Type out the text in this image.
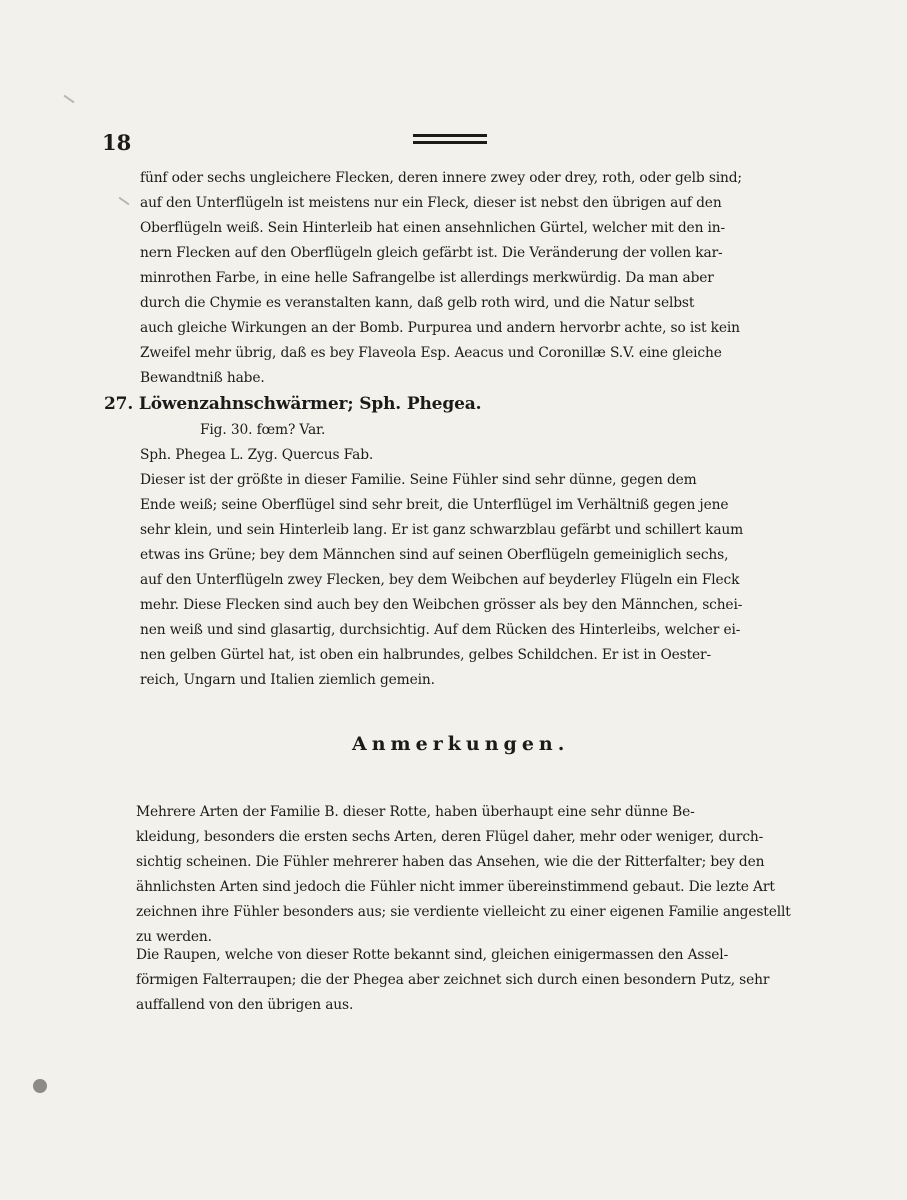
18
fünf oder sechs ungleichere Flecken, deren innere zwey oder drey, roth, oder gelb sind;
auf den Unterflügeln ist meistens nur ein Fleck, dieser ist nebst den übrigen auf den
Oberflügeln weiß. Sein Hinterleib hat einen ansehnlichen Gürtel, welcher mit den in-
nern Flecken auf den Oberflügeln gleich gefärbt ist. Die Veränderung der vollen kar-
minrothen Farbe, in eine helle Safrangelbe ist allerdings merkwürdig. Da man aber
durch die Chymie es veranstalten kann, daß gelb roth wird, und die Natur selbst
auch gleiche Wirkungen an der Bomb. Purpurea und andern hervorbr achte, so ist kein
Zweifel mehr übrig, daß es bey Flaveola Esp. Aeacus und Coronillæ S.V. eine gleiche
Bewandtniß habe.
27. Löwenzahnschwärmer; Sph. Phegea.
Fig. 30. fœm? Var.
Sph. Phegea L. Zyg. Quercus Fab.
Dieser ist der größte in dieser Familie. Seine Fühler sind sehr dünne, gegen dem
Ende weiß; seine Oberflügel sind sehr breit, die Unterflügel im Verhältniß gegen jene
sehr klein, und sein Hinterleib lang. Er ist ganz schwarzblau gefärbt und schillert kaum
etwas ins Grüne; bey dem Männchen sind auf seinen Oberflügeln gemeiniglich sechs,
auf den Unterflügeln zwey Flecken, bey dem Weibchen auf beyderley Flügeln ein Fleck
mehr. Diese Flecken sind auch bey den Weibchen grösser als bey den Männchen, schei-
nen weiß und sind glasartig, durchsichtig. Auf dem Rücken des Hinterleibs, welcher ei-
nen gelben Gürtel hat, ist oben ein halbrundes, gelbes Schildchen. Er ist in Oester-
reich, Ungarn und Italien ziemlich gemein.
Anmerkungen.
Mehrere Arten der Familie B. dieser Rotte, haben überhaupt eine sehr dünne Be-
kleidung, besonders die ersten sechs Arten, deren Flügel daher, mehr oder weniger, durch-
sichtig scheinen. Die Fühler mehrerer haben das Ansehen, wie die der Ritterfalter; bey den
ähnlichsten Arten sind jedoch die Fühler nicht immer übereinstimmend gebaut. Die lezte Art
zeichnen ihre Fühler besonders aus; sie verdiente vielleicht zu einer eigenen Familie angestellt
zu werden.
Die Raupen, welche von dieser Rotte bekannt sind, gleichen einigermassen den Assel-
förmigen Falterraupen; die der Phegea aber zeichnet sich durch einen besondern Putz, sehr
auffallend von den übrigen aus.
